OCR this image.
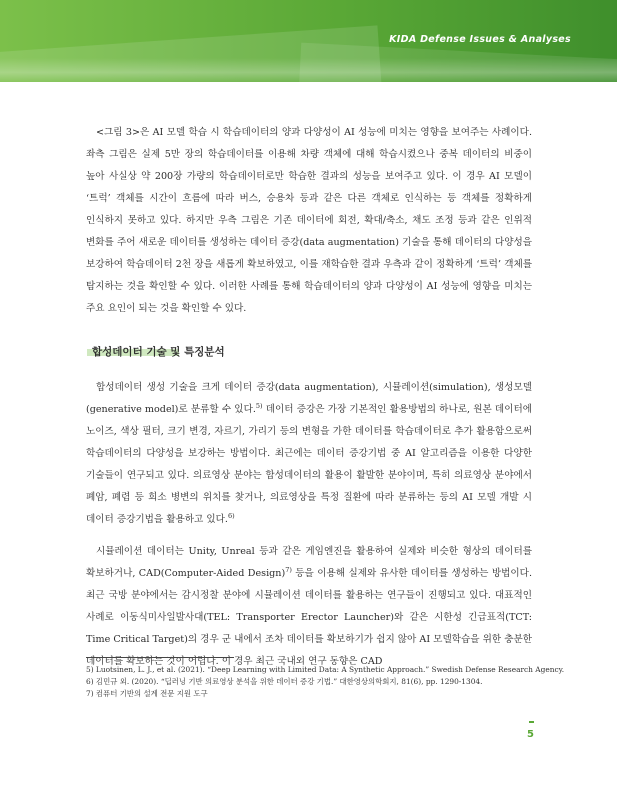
KIDA Defense Issues & Analyses

<그림 3>은 AI 모델 학습 시 학습데이터의 양과 다양성이 AI 성능에 미치는 영향을 보여주는 사례이다. 좌측 그림은 실제 5만 장의 학습데이터를 이용해 차량 객체에 대해 학습시켰으나 중복 데이터의 비중이 높아 사실상 약 200장 가량의 학습데이터로만 학습한 결과의 성능을 보여주고 있다. 이 경우 AI 모델이 ‘트럭’ 객체를 시간이 흐름에 따라 버스, 승용차 등과 같은 다른 객체로 인식하는 등 객체를 정확하게 인식하지 못하고 있다. 하지만 우측 그림은 기존 데이터에 회전, 확대/축소, 채도 조정 등과 같은 인위적 변화를 주어 새로운 데이터를 생성하는 데이터 증강(data augmentation) 기술을 통해 데이터의 다양성을 보강하여 학습데이터 2천 장을 새롭게 확보하였고, 이를 재학습한 결과 우측과 같이 정확하게 ‘트럭’ 객체를 탐지하는 것을 확인할 수 있다. 이러한 사례를 통해 학습데이터의 양과 다양성이 AI 성능에 영향을 미치는 주요 요인이 되는 것을 확인할 수 있다.

합성데이터 기술 및 특징분석

합성데이터 생성 기술을 크게 데이터 증강(data augmentation), 시뮬레이션(simulation), 생성모델(generative model)로 분류할 수 있다.$^{5)}$ 데이터 증강은 가장 기본적인 활용방법의 하나로, 원본 데이터에 노이즈, 색상 필터, 크기 변경, 자르기, 가리기 등의 변형을 가한 데이터를 학습데이터로 추가 활용함으로써 학습데이터의 다양성을 보강하는 방법이다. 최근에는 데이터 증강기법 중 AI 알고리즘을 이용한 다양한 기술들이 연구되고 있다. 의료영상 분야는 합성데이터의 활용이 활발한 분야이며, 특히 의료영상 분야에서 폐암, 폐렴 등 희소 병변의 위치를 찾거나, 의료영상을 특정 질환에 따라 분류하는 등의 AI 모델 개발 시 데이터 증강기법을 활용하고 있다.$^{6)}$

시뮬레이션 데이터는 Unity, Unreal 등과 같은 게임엔진을 활용하여 실제와 비슷한 형상의 데이터를 확보하거나, CAD(Computer-Aided Design)$^{7)}$ 등을 이용해 실제와 유사한 데이터를 생성하는 방법이다. 최근 국방 분야에서는 감시정찰 분야에 시뮬레이션 데이터를 활용하는 연구들이 진행되고 있다. 대표적인 사례로 이동식미사일발사대(TEL: Transporter Erector Launcher)와 같은 시한성 긴급표적(TCT: Time Critical Target)의 경우 군 내에서 조차 데이터를 확보하기가 쉽지 않아 AI 모델학습을 위한 충분한 데이터를 확보하는 것이 어렵다. 이 경우 최근 국내외 연구 동향은 CAD

5) Luotsinen, L. J., et al. (2021). “Deep Learning with Limited Data: A Synthetic Approach.” Swedish Defense Research Agency.
6) 김민규 외. (2020). “딥러닝 기반 의료영상 분석을 위한 데이터 증강 기법.” 대한영상의학회지, 81(6), pp. 1290-1304.
7) 컴퓨터 기반의 설계 전문 지원 도구
5
